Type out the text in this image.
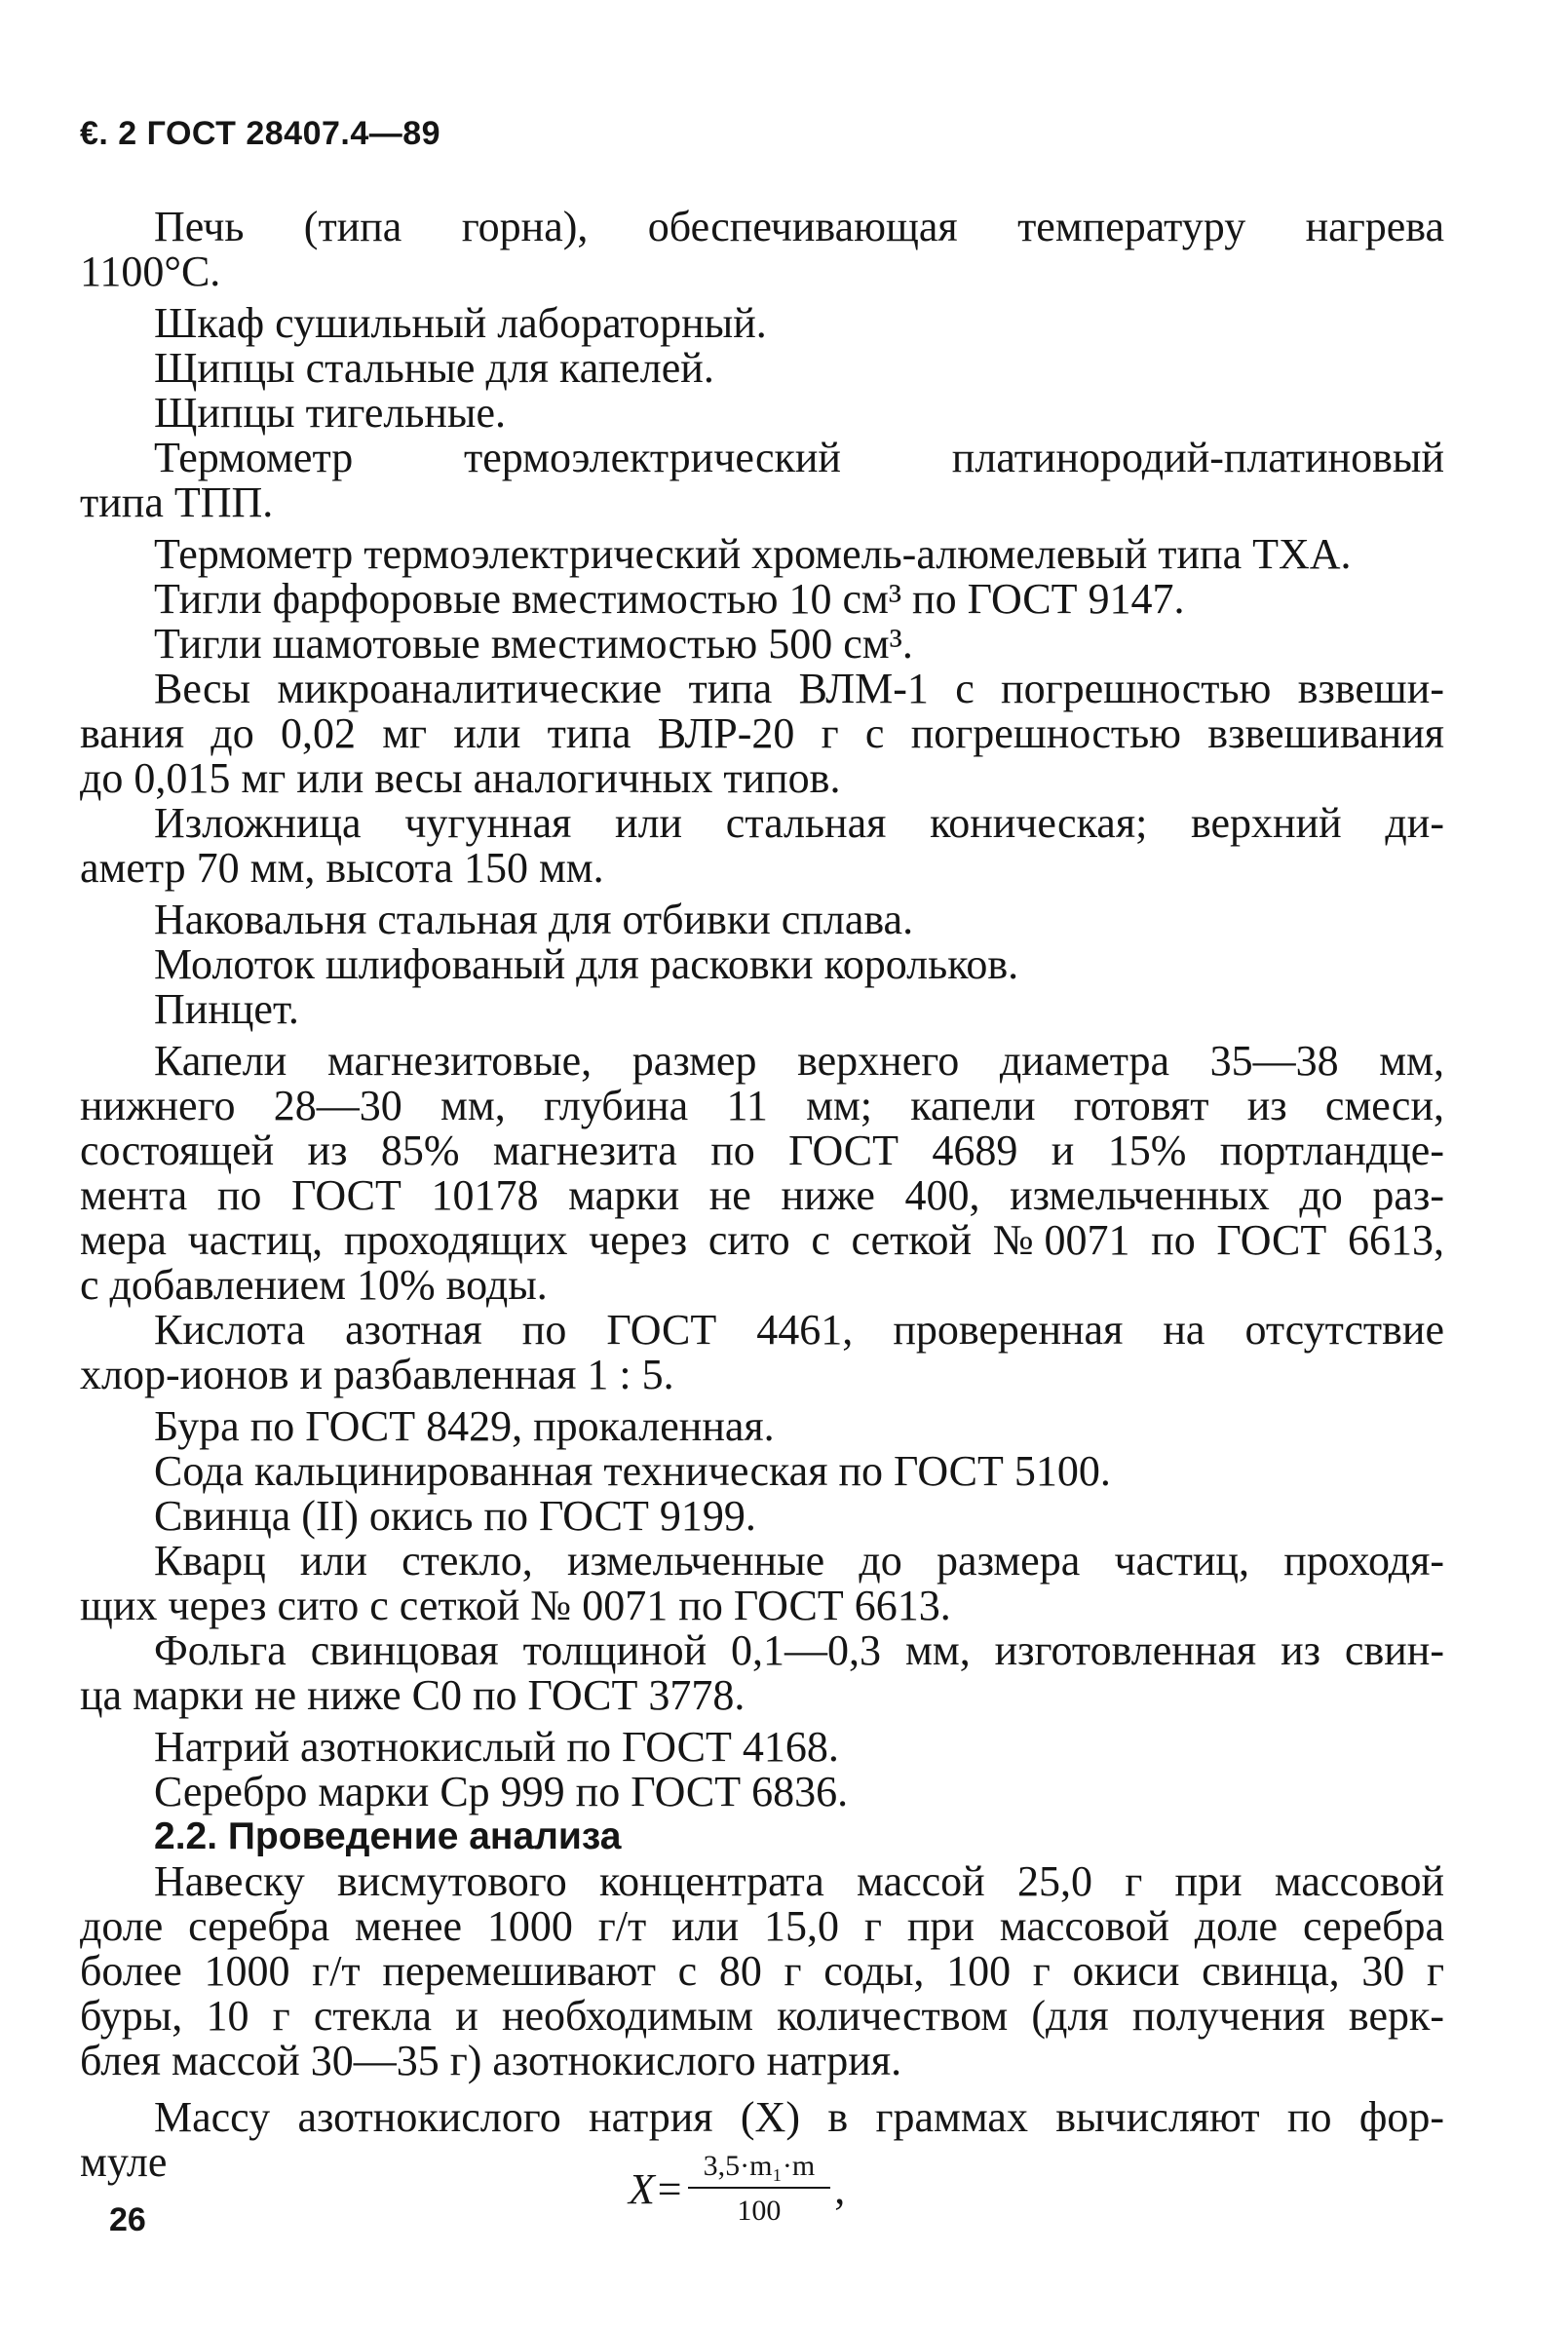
€. 2 ГОСТ 28407.4—89

Печь (типа горна), обеспечивающая температуру нагрева

1100°С.

Шкаф сушильный лабораторный.

Щипцы стальные для капелей.

Щипцы тигельные.

Термометр термоэлектрический платинородий-платиновый

типа ТПП.

Термометр термоэлектрический хромель-алюмелевый типа ТХА.

Тигли фарфоровые вместимостью 10 см³ по ГОСТ 9147.

Тигли шамотовые вместимостью 500 см³.

Весы микроаналитические типа ВЛМ-1 с погрешностью взвеши-

вания до 0,02 мг или типа ВЛР-20 г с погрешностью взвешивания

до 0,015 мг или весы аналогичных типов.

Изложница чугунная или стальная коническая; верхний ди-

аметр 70 мм, высота 150 мм.

Наковальня стальная для отбивки сплава.

Молоток шлифованый для расковки корольков.

Пинцет.

Капели магнезитовые, размер верхнего диаметра 35—38 мм,

нижнего 28—30 мм, глубина 11 мм; капели готовят из смеси,

состоящей из 85% магнезита по ГОСТ 4689 и 15% портландце-

мента по ГОСТ 10178 марки не ниже 400, измельченных до раз-

мера частиц, проходящих через сито с сеткой №0071 по ГОСТ 6613,

с добавлением 10% воды.

Кислота азотная по ГОСТ 4461, проверенная на отсутствие

хлор-ионов и разбавленная 1 : 5.

Бура по ГОСТ 8429, прокаленная.

Сода кальцинированная техническая по ГОСТ 5100.

Свинца (II) окись по ГОСТ 9199.

Кварц или стекло, измельченные до размера частиц, проходя-

щих через сито с сеткой № 0071 по ГОСТ 6613.

Фольга свинцовая толщиной 0,1—0,3 мм, изготовленная из свин-

ца марки не ниже С0 по ГОСТ 3778.

Натрий азотнокислый по ГОСТ 4168.

Серебро марки Ср 999 по ГОСТ 6836.

2.2. Проведение анализа

Навеску висмутового концентрата массой 25,0 г при массовой

доле серебра менее 1000 г/т или 15,0 г при массовой доле серебра

более 1000 г/т перемешивают с 80 г соды, 100 г окиси свинца, 30 г

буры, 10 г стекла и необходимым количеством (для получения верк-

блея массой 30—35 г) азотнокислого натрия.

Массу азотнокислого натрия (X) в граммах вычисляют по фор-

муле

$X= \frac{\text{3,5·m₁·m}}{100}$ ,
26
